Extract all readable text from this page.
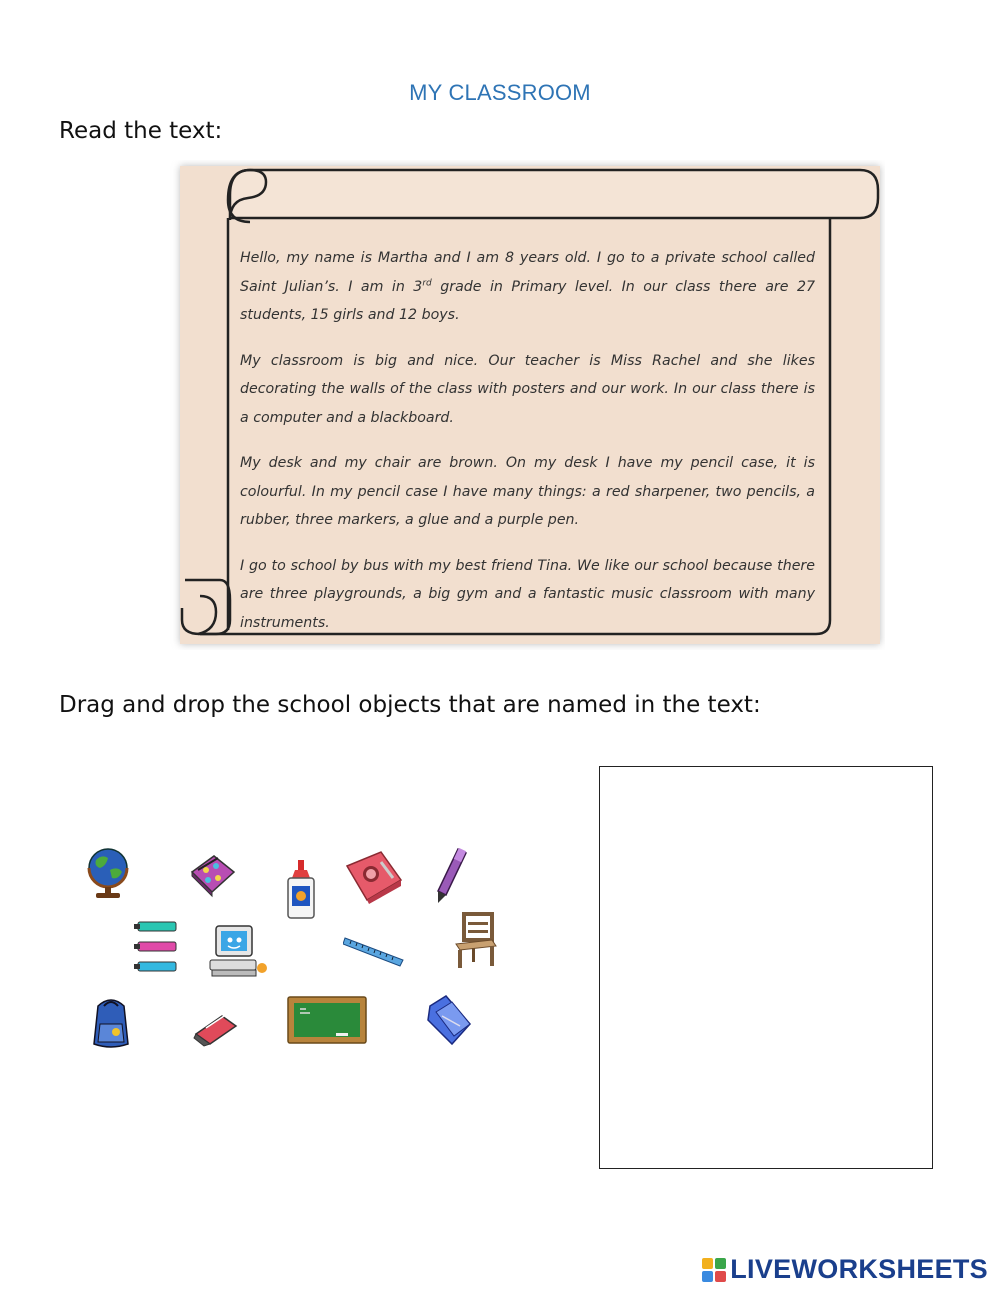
MY CLASSROOM
Read the text:

Hello, my name is Martha and I am 8 years old. I go to a private school called Saint Julian’s. I am in 3rd grade in Primary level. In our class there are 27 students, 15 girls and 12 boys.

My classroom is big and nice. Our teacher is Miss Rachel and she likes decorating the walls of the class with posters and our work. In our class there is a computer and a blackboard.

My desk and my chair are brown. On my desk I have my pencil case, it is colourful. In my pencil case I have many things: a red sharpener, two pencils, a rubber, three markers, a glue and a purple pen.

I go to school by bus with my best friend Tina. We like our school because there are three playgrounds, a big gym and a fantastic music classroom with many instruments.

Drag and drop the school objects that are named in the text:
LIVEWORKSHEETS
